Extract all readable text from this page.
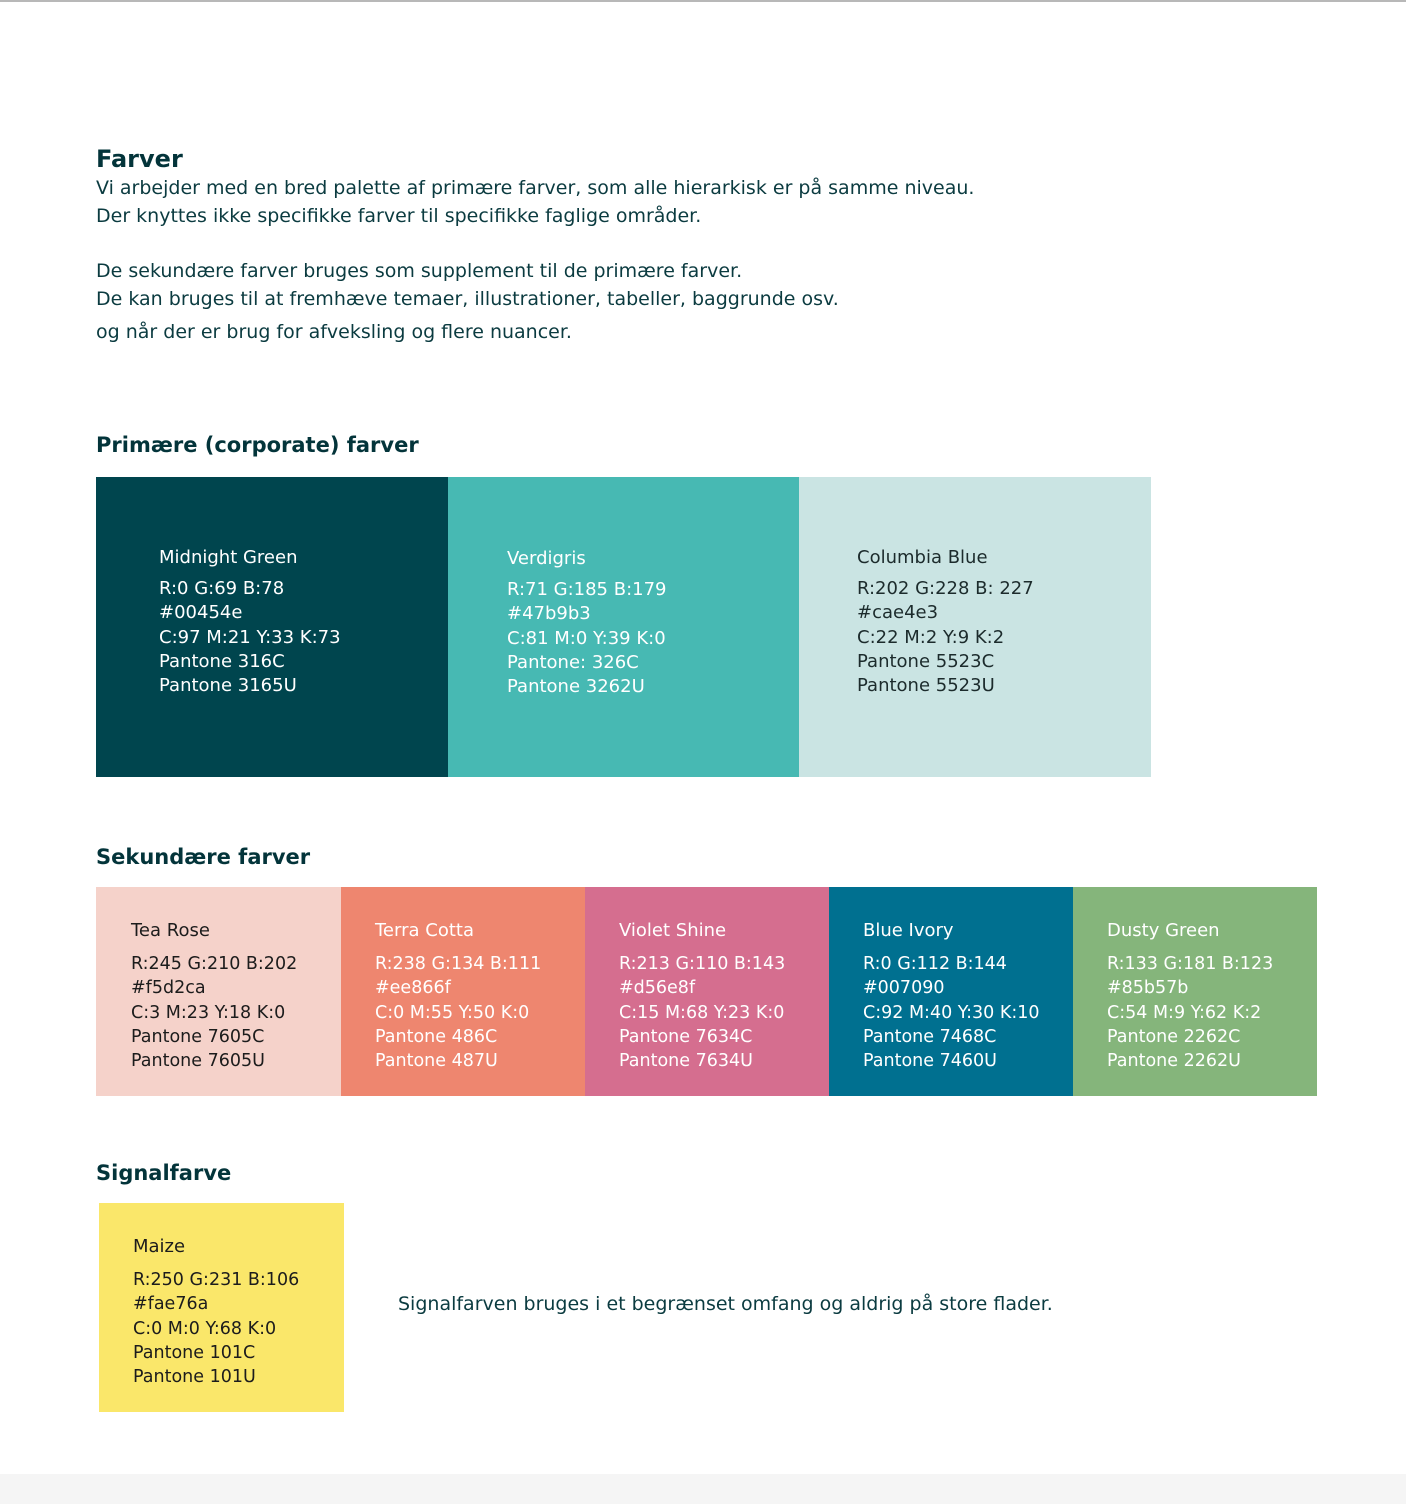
Farver

Vi arbejder med en bred palette af primære farver, som alle hierarkisk er på samme niveau.

Der knyttes ikke specifikke farver til specifikke faglige områder.

De sekundære farver bruges som supplement til de primære farver.

De kan bruges til at fremhæve temaer, illustrationer, tabeller, baggrunde osv.

og når der er brug for afveksling og flere nuancer.

Primære (corporate) farver
Midnight Green
R:0 G:69 B:78
#00454e
C:97 M:21 Y:33 K:73
Pantone 316C
Pantone 3165U
Verdigris
R:71 G:185 B:179
#47b9b3
C:81 M:0 Y:39 K:0
Pantone: 326C
Pantone 3262U
Columbia Blue
R:202 G:228 B: 227
#cae4e3
C:22 M:2 Y:9 K:2
Pantone 5523C
Pantone 5523U
Sekundære farver
Tea Rose
R:245 G:210 B:202
#f5d2ca
C:3 M:23 Y:18 K:0
Pantone 7605C
Pantone 7605U
Terra Cotta
R:238 G:134 B:111
#ee866f
C:0 M:55 Y:50 K:0
Pantone 486C
Pantone 487U
Violet Shine
R:213 G:110 B:143
#d56e8f
C:15 M:68 Y:23 K:0
Pantone 7634C
Pantone 7634U
Blue Ivory
R:0 G:112 B:144
#007090
C:92 M:40 Y:30 K:10
Pantone 7468C
Pantone 7460U
Dusty Green
R:133 G:181 B:123
#85b57b
C:54 M:9 Y:62 K:2
Pantone 2262C
Pantone 2262U
Signalfarve
Maize
R:250 G:231 B:106
#fae76a
C:0 M:0 Y:68 K:0
Pantone 101C
Pantone 101U

Signalfarven bruges i et begrænset omfang og aldrig på store flader.
